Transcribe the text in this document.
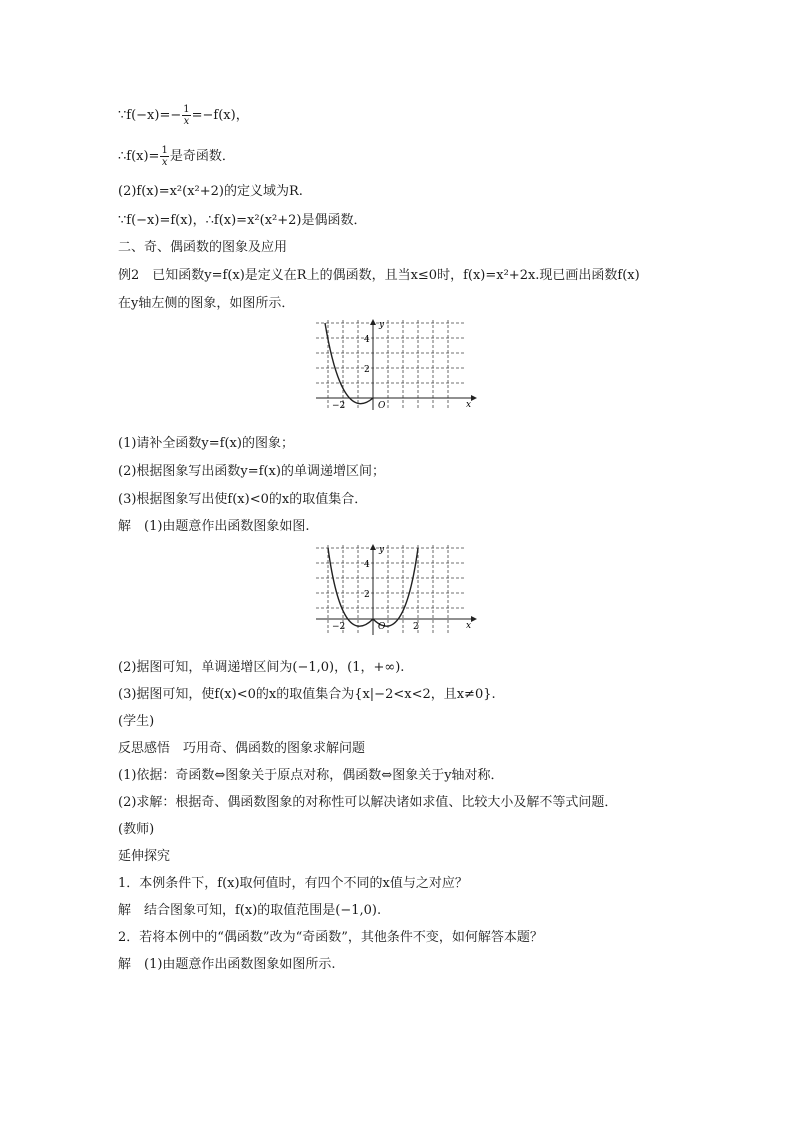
∵f(−x)=− $\frac{1}{x} =-f(x)$，
∴f(x)= $\frac{1}{x}$ 是奇函数．
(2)f(x)=x²(x²+2)的定义域为R.
∵f(−x)=f(x)，∴f(x)=x²(x²+2)是偶函数．
二、奇、偶函数的图象及应用
例2　已知函数y=f(x)是定义在R上的偶函数，且当x≤0时，f(x)=x²+2x.现已画出函数f(x)
在y轴左侧的图象，如图所示．
y
x
O
4
2
−2
(1)请补全函数y=f(x)的图象；
(2)根据图象写出函数y=f(x)的单调递增区间；
(3)根据图象写出使f(x)<0的x的取值集合．
解　(1)由题意作出函数图象如图.
y
x
O
4
2
−2	2
(2)据图可知，单调递增区间为(−1,0)，(1，+∞).
(3)据图可知，使f(x)<0的x的取值集合为{x|−2<x<2，且x≠0}.
(学生)
反思感悟　巧用奇、偶函数的图象求解问题
(1)依据：奇函数⇔图象关于原点对称，偶函数⇔图象关于y轴对称．
(2)求解：根据奇、偶函数图象的对称性可以解决诸如求值、比较大小及解不等式问题．
(教师)
延伸探究
1．本例条件下，f(x)取何值时，有四个不同的x值与之对应？
解　结合图象可知，f(x)的取值范围是(−1,0).
2．若将本例中的“偶函数”改为“奇函数”，其他条件不变，如何解答本题？
解　(1)由题意作出函数图象如图所示.
